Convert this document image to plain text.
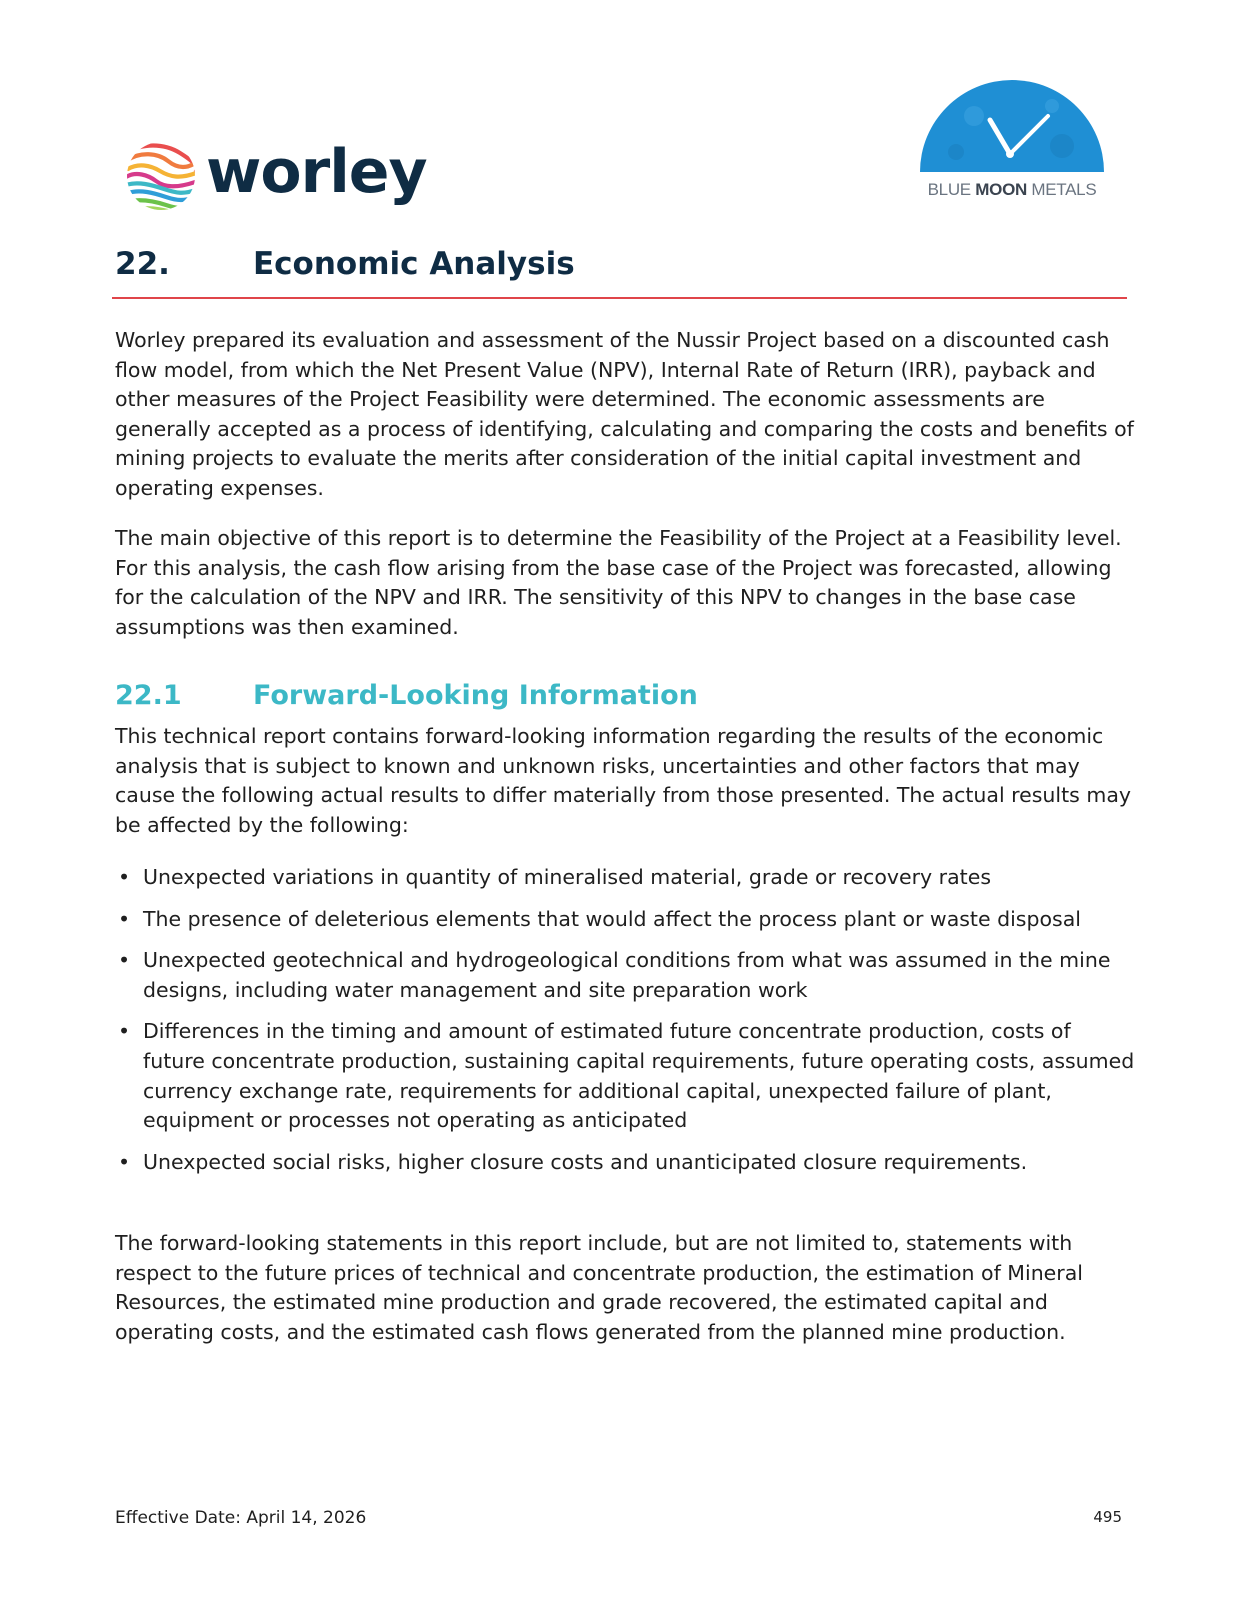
worley	BLUE MOON METALS
22.	Economic Analysis

Worley prepared its evaluation and assessment of the Nussir Project based on a discounted cash flow model, from which the Net Present Value (NPV), Internal Rate of Return (IRR), payback and other measures of the Project Feasibility were determined. The economic assessments are generally accepted as a process of identifying, calculating and comparing the costs and benefits of mining projects to evaluate the merits after consideration of the initial capital investment and operating expenses.

The main objective of this report is to determine the Feasibility of the Project at a Feasibility level. For this analysis, the cash flow arising from the base case of the Project was forecasted, allowing for the calculation of the NPV and IRR. The sensitivity of this NPV to changes in the base case assumptions was then examined.

22.1	Forward-Looking Information

This technical report contains forward-looking information regarding the results of the economic analysis that is subject to known and unknown risks, uncertainties and other factors that may cause the following actual results to differ materially from those presented. The actual results may be affected by the following:

• Unexpected variations in quantity of mineralised material, grade or recovery rates
• The presence of deleterious elements that would affect the process plant or waste disposal
• Unexpected geotechnical and hydrogeological conditions from what was assumed in the mine designs, including water management and site preparation work
• Differences in the timing and amount of estimated future concentrate production, costs of future concentrate production, sustaining capital requirements, future operating costs, assumed currency exchange rate, requirements for additional capital, unexpected failure of plant, equipment or processes not operating as anticipated
• Unexpected social risks, higher closure costs and unanticipated closure requirements.

The forward-looking statements in this report include, but are not limited to, statements with respect to the future prices of technical and concentrate production, the estimation of Mineral Resources, the estimated mine production and grade recovered, the estimated capital and operating costs, and the estimated cash flows generated from the planned mine production.

Effective Date: April 14, 2026	495
